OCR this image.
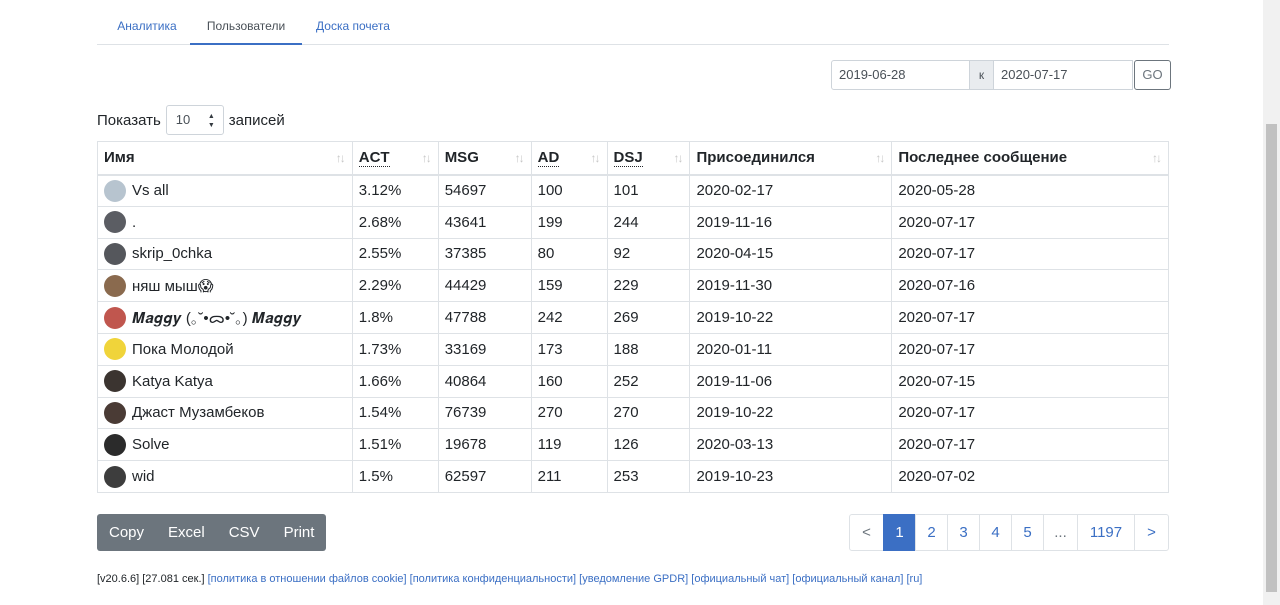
Аналитика	Пользователи	Доска почета
2019-06-28	к	2020-07-17	GO
Показать	10	▲
▼ записей
Имя ↑↓	ACT ↑↓	MSG ↑↓	AD ↑↓	DSJ ↑↓	Присоединился ↑↓	Последнее сообщение ↑↓

Vs all	3.12%	54697	100	101	2020-02-17	2020-05-28

.	2.68%	43641	199	244	2019-11-16	2020-07-17

skrip_0chka	2.55%	37385	80	92	2020-04-15	2020-07-17

няш мыш😱	2.29%	44429	159	229	2019-11-30	2020-07-16

𝑴𝒂𝒈𝒈𝒚 (｡˘•ᯅ•˘｡) 𝑴𝒂𝒈𝒈𝒚	1.8%	47788	242	269	2019-10-22	2020-07-17

Пока Молодой	1.73%	33169	173	188	2020-01-11	2020-07-17

Katya Katya	1.66%	40864	160	252	2019-11-06	2020-07-15

Джаст Музамбеков	1.54%	76739	270	270	2019-10-22	2020-07-17

Solve	1.51%	19678	119	126	2020-03-13	2020-07-17

wid	1.5%	62597	211	253	2019-10-23	2020-07-02
Copy	Excel	CSV	Print	<	1	2	3	4	5	...	1197	>
[v20.6.6] [27.081 сек.] [политика в отношении файлов cookie] [политика конфиденциальности] [уведомление GPDR] [официальный чат] [официальный канал] [ru]
